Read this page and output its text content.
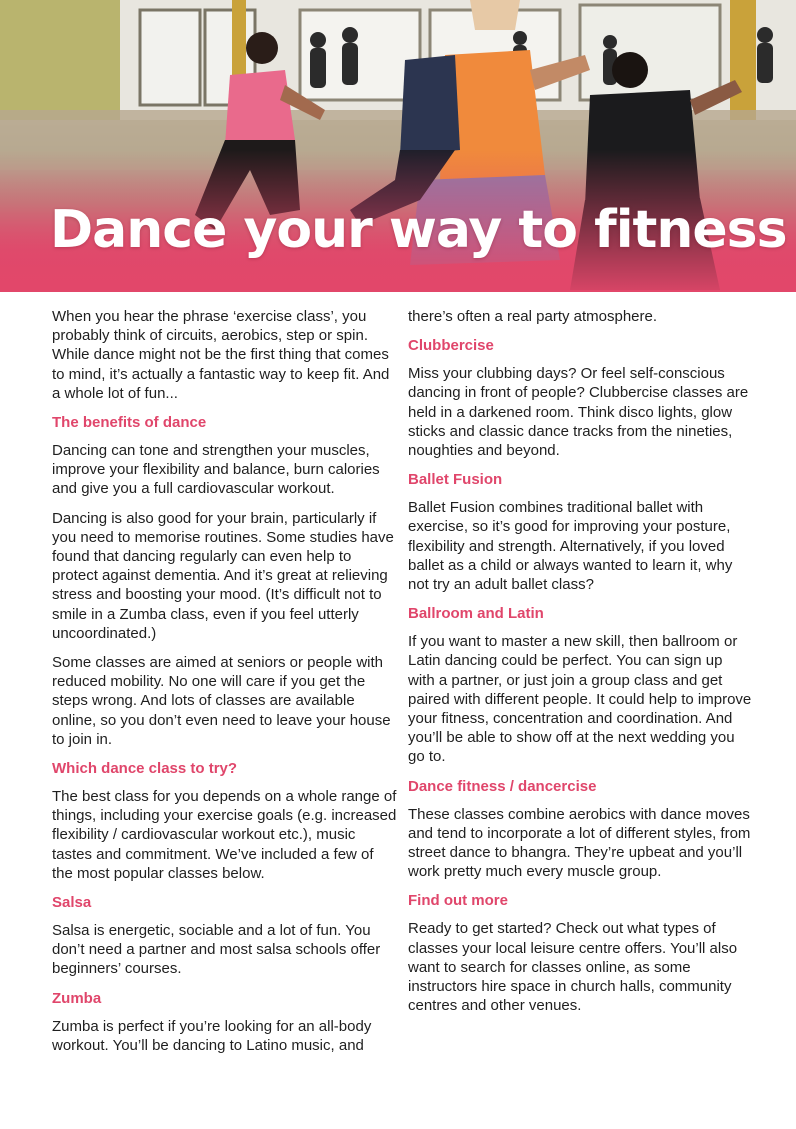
Dance your way to fitness

When you hear the phrase ‘exercise class’, you probably think of circuits, aerobics, step or spin. While dance might not be the first thing that comes to mind, it’s actually a fantastic way to keep fit. And a whole lot of fun...

The benefits of dance

Dancing can tone and strengthen your muscles, improve your flexibility and balance, burn calories and give you a full cardiovascular workout.

Dancing is also good for your brain, particularly if you need to memorise routines. Some studies have found that dancing regularly can even help to protect against dementia. And it’s great at relieving stress and boosting your mood. (It’s difficult not to smile in a Zumba class, even if you feel utterly uncoordinated.)

Some classes are aimed at seniors or people with reduced mobility. No one will care if you get the steps wrong. And lots of classes are available online, so you don’t even need to leave your house to join in.

Which dance class to try?

The best class for you depends on a whole range of things, including your exercise goals (e.g. increased flexibility / cardiovascular workout etc.), music tastes and commitment. We’ve included a few of the most popular classes below.

Salsa

Salsa is energetic, sociable and a lot of fun. You don’t need a partner and most salsa schools offer beginners’ courses.

Zumba

Zumba is perfect if you’re looking for an all-body workout. You’ll be dancing to Latino music, and

there’s often a real party atmosphere.

Clubbercise

Miss your clubbing days? Or feel self-conscious dancing in front of people? Clubbercise classes are held in a darkened room. Think disco lights, glow sticks and classic dance tracks from the nineties, noughties and beyond.

Ballet Fusion

Ballet Fusion combines traditional ballet with exercise, so it’s good for improving your posture, flexibility and strength. Alternatively, if you loved ballet as a child or always wanted to learn it, why not try an adult ballet class?

Ballroom and Latin

If you want to master a new skill, then ballroom or Latin dancing could be perfect. You can sign up with a partner, or just join a group class and get paired with different people. It could help to improve your fitness, concentration and coordination. And you’ll be able to show off at the next wedding you go to.

Dance fitness / dancercise

These classes combine aerobics with dance moves and tend to incorporate a lot of different styles, from street dance to bhangra. They’re upbeat and you’ll work pretty much every muscle group.

Find out more

Ready to get started? Check out what types of classes your local leisure centre offers. You’ll also want to search for classes online, as some instructors hire space in church halls, community centres and other venues.
